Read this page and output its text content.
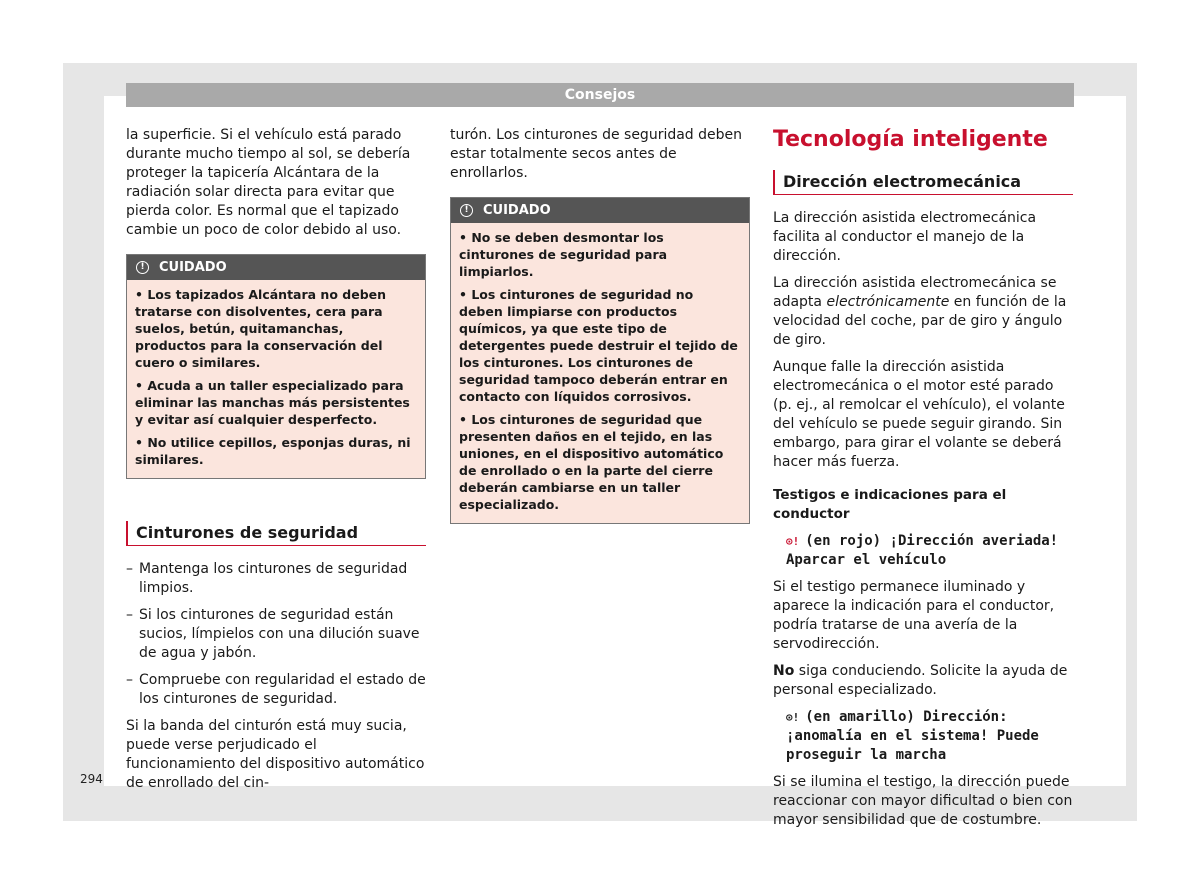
Consejos

la superficie. Si el vehículo está parado durante mucho tiempo al sol, se debería proteger la tapicería Alcántara de la radiación solar directa para evitar que pierda color. Es normal que el tapizado cambie un poco de color debido al uso.

!	CUIDADO

• Los tapizados Alcántara no deben tratarse con disolventes, cera para suelos, betún, quitamanchas, productos para la conservación del cuero o similares.

• Acuda a un taller especializado para eliminar las manchas más persistentes y evitar así cualquier desperfecto.

• No utilice cepillos, esponjas duras, ni similares.

Cinturones de seguridad

– Mantenga los cinturones de seguridad limpios.

– Si los cinturones de seguridad están sucios, límpielos con una dilución suave de agua y jabón.

– Compruebe con regularidad el estado de los cinturones de seguridad.

Si la banda del cinturón está muy sucia, puede verse perjudicado el funcionamiento del dispositivo automático de enrollado del cin-

turón. Los cinturones de seguridad deben estar totalmente secos antes de enrollarlos.

!	CUIDADO

• No se deben desmontar los cinturones de seguridad para limpiarlos.

• Los cinturones de seguridad no deben limpiarse con productos químicos, ya que este tipo de detergentes puede destruir el tejido de los cinturones. Los cinturones de seguridad tampoco deberán entrar en contacto con líquidos corrosivos.

• Los cinturones de seguridad que presenten daños en el tejido, en las uniones, en el dispositivo automático de enrollado o en la parte del cierre deberán cambiarse en un taller especializado.

Tecnología inteligente
Dirección electromecánica

La dirección asistida electromecánica facilita al conductor el manejo de la dirección.

La dirección asistida electromecánica se adapta electrónicamente en función de la velocidad del coche, par de giro y ángulo de giro.

Aunque falle la dirección asistida electromecánica o el motor esté parado (p. ej., al remolcar el vehículo), el volante del vehículo se puede seguir girando. Sin embargo, para girar el volante se deberá hacer más fuerza.

Testigos e indicaciones para el conductor

⊙! (en rojo) ¡Dirección averiada! Aparcar el vehículo

Si el testigo permanece iluminado y aparece la indicación para el conductor, podría tratarse de una avería de la servodirección.

No siga conduciendo. Solicite la ayuda de personal especializado.

⊙! (en amarillo) Dirección: ¡anomalía en el sistema! Puede proseguir la marcha

Si se ilumina el testigo, la dirección puede reaccionar con mayor dificultad o bien con mayor sensibilidad que de costumbre.

294
